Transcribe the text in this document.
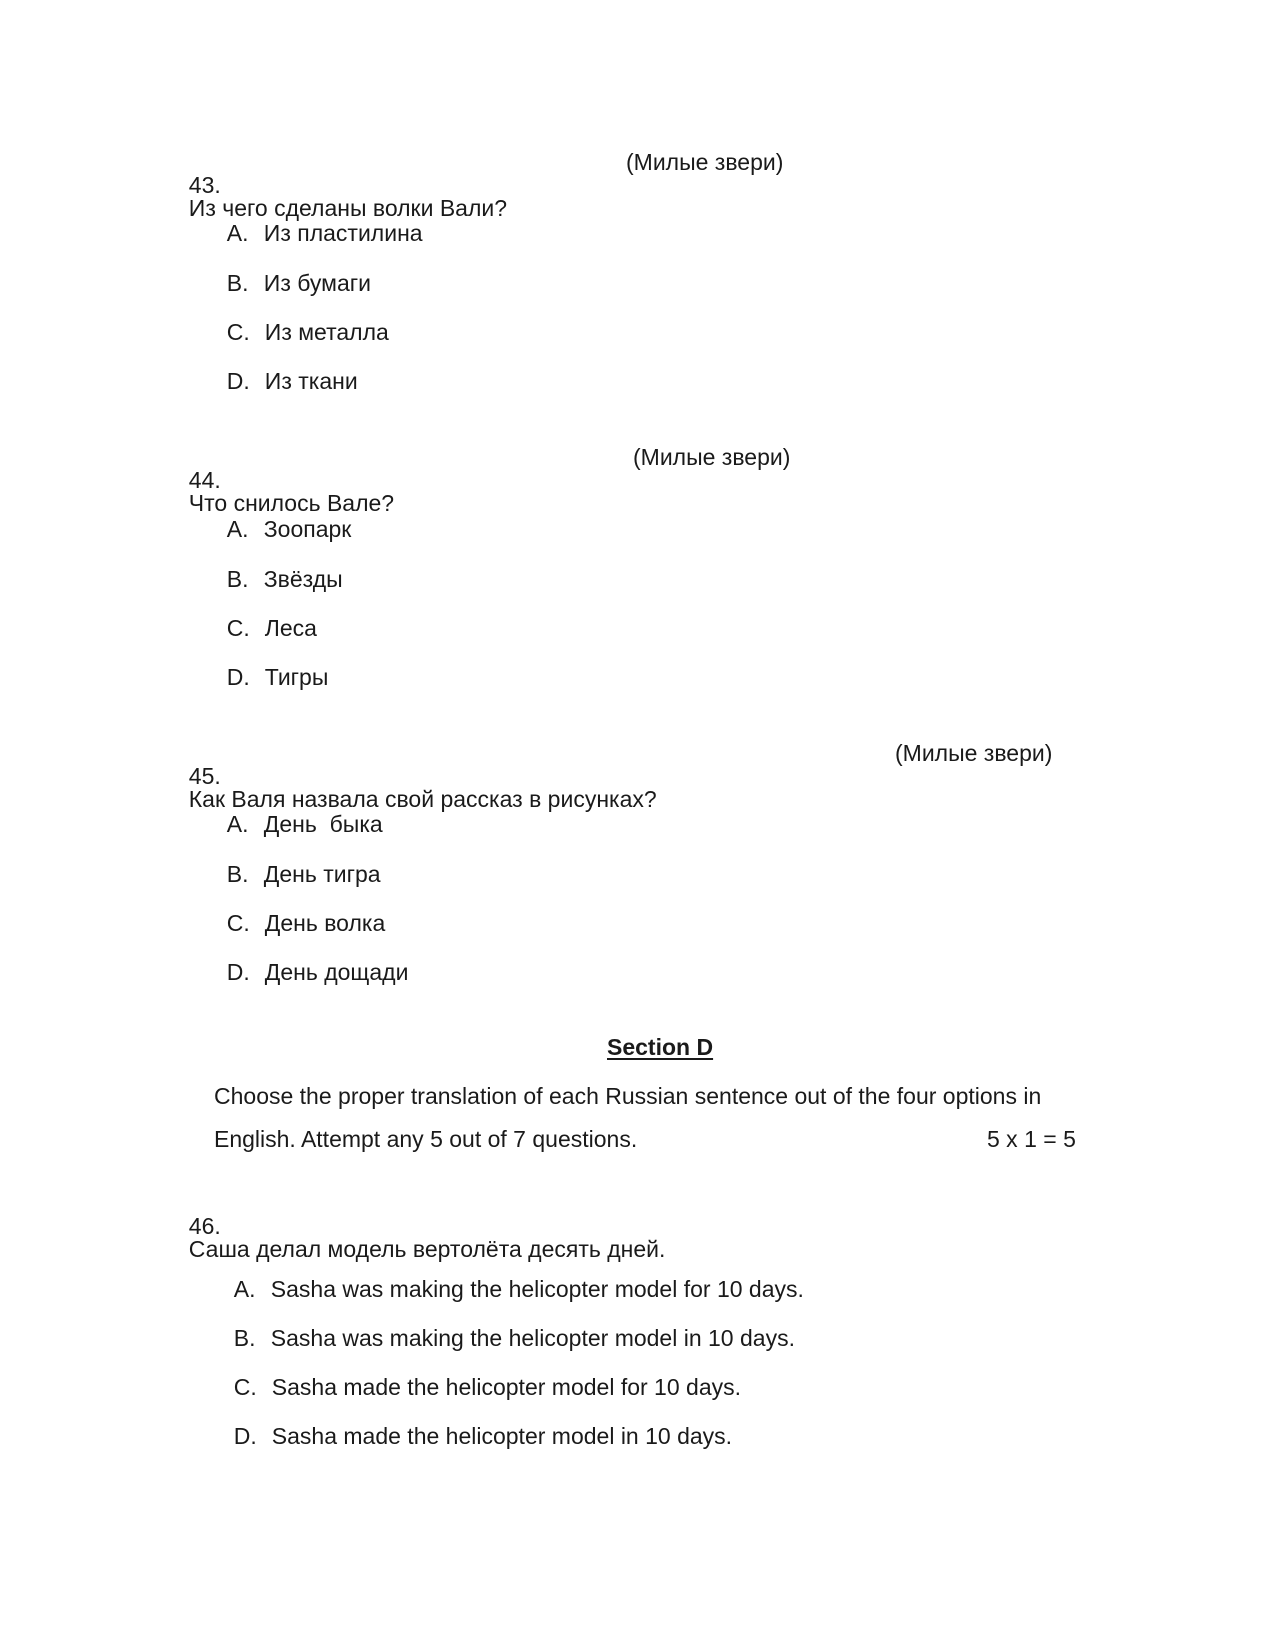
43.
Из чего сделаны волки Вали?

(Милые звери)

A. Из пластилина

B. Из бумаги

C. Из металла

D. Из ткани

44.
Что снилось Вале?

(Милые звери)

A. Зоопарк

B. Звёзды

C. Леса

D. Тигры

45.
Как Валя назвала свой рассказ в рисунках?

(Милые звери)

A. День  быка

B. День тигра

C. День волка

D. День дощади

Section D
Choose the proper translation of each Russian sentence out of the four options in
English. Attempt any 5 out of 7 questions.	5 x 1 = 5

46.
Саша делал модель вертолёта десять дней.

A. Sasha was making the helicopter model for 10 days.

B. Sasha was making the helicopter model in 10 days.

C. Sasha made the helicopter model for 10 days.

D. Sasha made the helicopter model in 10 days.
